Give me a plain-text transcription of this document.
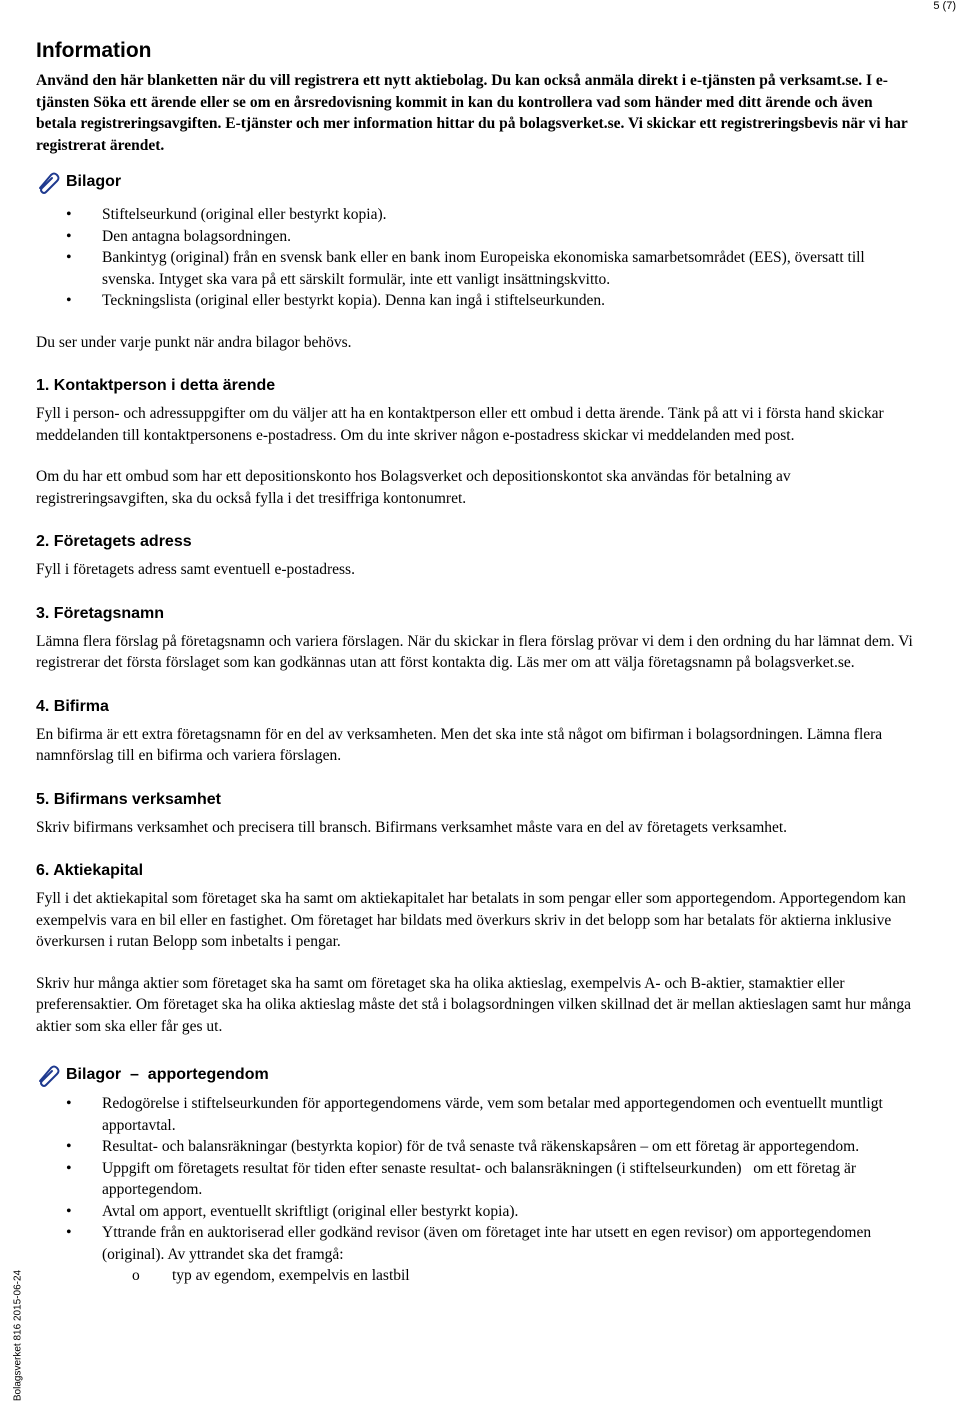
5 (7)
Bolagsverket 816 2015-06-24
Information

Använd den här blanketten när du vill registrera ett nytt aktiebolag. Du kan också anmäla direkt i e-tjänsten på verksamt.se. I e-tjänsten Söka ett ärende eller se om en årsredovisning kommit in kan du kontrollera vad som händer med ditt ärende och även betala registreringsavgiften. E-tjänster och mer information hittar du på bolagsverket.se. Vi skickar ett registreringsbevis när vi har registrerat ärendet.

Bilagor
• Stiftelseurkund (original eller bestyrkt kopia).
• Den antagna bolagsordningen.
• Bankintyg (original) från en svensk bank eller en bank inom Europeiska ekonomiska samarbetsområdet (EES), översatt till svenska. Intyget ska vara på ett särskilt formulär, inte ett vanligt insättningskvitto.
• Teckningslista (original eller bestyrkt kopia). Denna kan ingå i stiftelseurkunden.

Du ser under varje punkt när andra bilagor behövs.

1. Kontaktperson i detta ärende

Fyll i person- och adressuppgifter om du väljer att ha en kontaktperson eller ett ombud i detta ärende. Tänk på att vi i första hand skickar meddelanden till kontaktpersonens e-postadress. Om du inte skriver någon e-postadress skickar vi meddelanden med post.

Om du har ett ombud som har ett depositionskonto hos Bolagsverket och depositionskontot ska användas för betalning av registreringsavgiften, ska du också fylla i det tresiffriga kontonumret.

2. Företagets adress

Fyll i företagets adress samt eventuell e-postadress.

3. Företagsnamn

Lämna flera förslag på företagsnamn och variera förslagen. När du skickar in flera förslag prövar vi dem i den ordning du har lämnat dem. Vi registrerar det första förslaget som kan godkännas utan att först kontakta dig. Läs mer om att välja företagsnamn på bolagsverket.se.

4. Bifirma

En bifirma är ett extra företagsnamn för en del av verksamheten. Men det ska inte stå något om bifirman i bolagsordningen. Lämna flera namnförslag till en bifirma och variera förslagen.

5. Bifirmans verksamhet

Skriv bifirmans verksamhet och precisera till bransch. Bifirmans verksamhet måste vara en del av företagets verksamhet.

6. Aktiekapital

Fyll i det aktiekapital som företaget ska ha samt om aktiekapitalet har betalats in som pengar eller som apportegendom. Apportegendom kan exempelvis vara en bil eller en fastighet. Om företaget har bildats med överkurs skriv in det belopp som har betalats för aktierna inklusive överkursen i rutan Belopp som inbetalts i pengar.

Skriv hur många aktier som företaget ska ha samt om företaget ska ha olika aktieslag, exempelvis A- och B-aktier, stamaktier eller preferensaktier. Om företaget ska ha olika aktieslag måste det stå i bolagsordningen vilken skillnad det är mellan aktieslagen samt hur många aktier som ska eller får ges ut.

Bilagor  –  apportegendom
• Redogörelse i stiftelseurkunden för apportegendomens värde, vem som betalar med apportegendomen och eventuellt muntligt apportavtal.
• Resultat- och balansräkningar (bestyrkta kopior) för de två senaste två räkenskapsåren – om ett företag är apportegendom.
• Uppgift om företagets resultat för tiden efter senaste resultat- och balansräkningen (i stiftelseurkunden)   om ett företag är apportegendom.
• Avtal om apport, eventuellt skriftligt (original eller bestyrkt kopia).
• Yttrande från en auktoriserad eller godkänd revisor (även om företaget inte har utsett en egen revisor) om apportegendomen (original). Av yttrandet ska det framgå:
o typ av egendom, exempelvis en lastbil
